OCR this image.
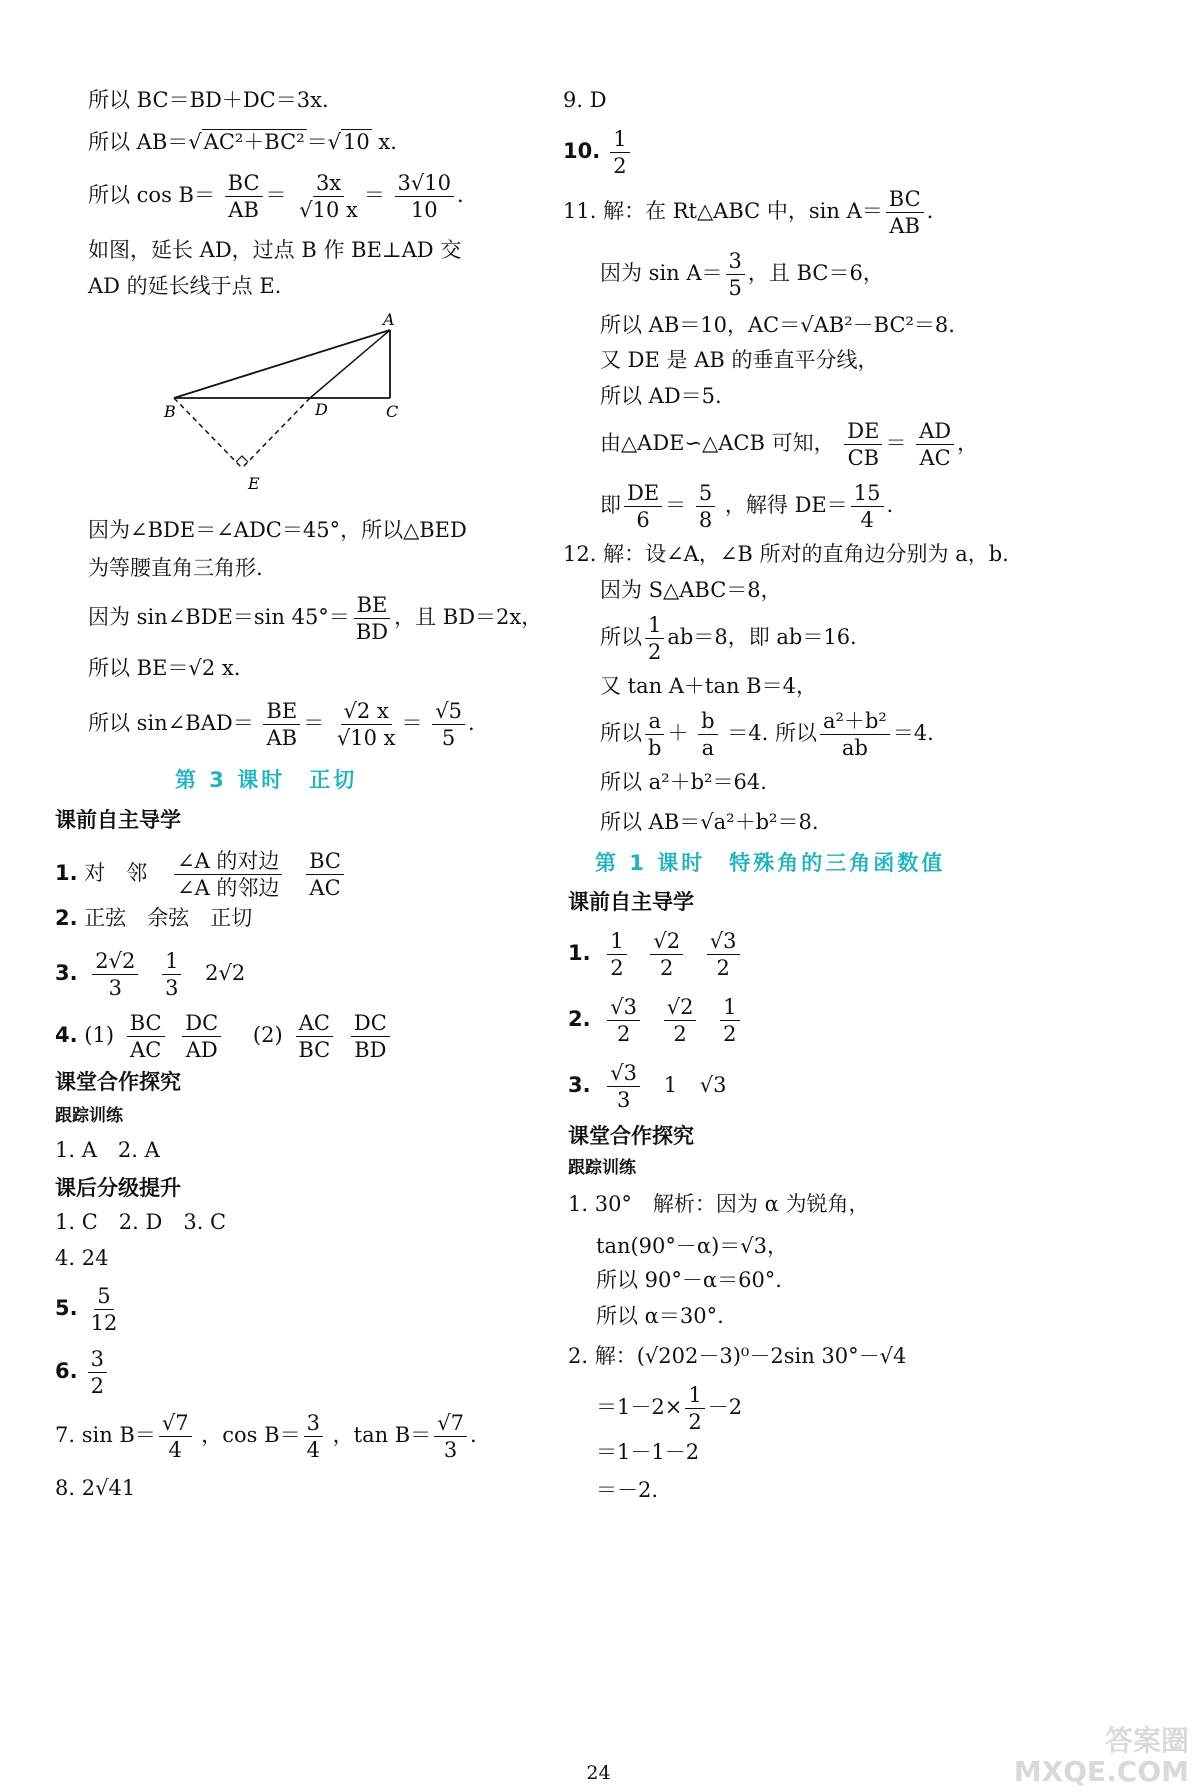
所以 BC＝BD＋DC＝3x.
所以 AB＝√AC²＋BC²＝√10 x.
所以 $\cos B= \frac{BC}{AB} = \frac{3x}{√10 x} = \frac{3√10}{10}$ .
如图，延长 AD，过点 B 作 BE⊥AD 交
AD 的延长线于点 E.
A
B	C
D
E
因为∠BDE＝∠ADC＝45°，所以△BED
为等腰直角三角形.
因为 sin∠BDE＝sin $45^\circ= \frac{BE}{BD}$ ，且 BD＝2x，
所以 BE＝√2 x.
所以 sin∠BAD＝ $\frac{BE}{AB} = \frac{√2 x}{√10 x} = \frac{√5}{5}$ .
第 3 课时　正切
课前自主导学
1. 对　邻 $\frac{\text{∠A 的对边}}{\text{∠A 的邻边}}$
$\frac{BC}{AC}$
2. 正弦　余弦　正切
3. $\frac{2√2}{3}$
$\frac{1}{3} 2√2$
4. $(1) \frac{BC}{AC}$
$\frac{DC}{AD} (2) \frac{AC}{BC}$
$\frac{DC}{BD}$
课堂合作探究
跟踪训练
1. A　2. A
课后分级提升
1. C　2. D　3. C
4. 24
5. $\frac{5}{12}$
6. $\frac{3}{2}$
7. $\sin B= \frac{√7}{4}$ ，$\cos B= \frac{3}{4}$ ，$\tan B= \frac{√7}{3}$ .
8. 2√41
9. D
10. $\frac{1}{2}$
11. 解：在 Rt△ABC 中，$\sin A= \frac{BC}{AB}$ .
因为 $\sin A= \frac{3}{5}$ ，且 BC＝6，
所以 AB＝10，AC＝√AB²－BC²＝8.
又 DE 是 AB 的垂直平分线，
所以 AD＝5.
由△ADE∽△ACB 可知， $\frac{DE}{CB} = \frac{AD}{AC}$ ，
即 $\frac{DE}{6} = \frac{5}{8}$ ，解得 $DE= \frac{15}{4}$ .
12. 解：设∠A，∠B 所对的直角边分别为 a，b.
因为 S△ABC＝8，
所以 $\frac{1}{2} ab=8$，即 ab＝16.
又 tan A＋tan B＝4，
所以 $\frac{a}{b} + \frac{b}{a} =4$. 所以 $\frac{\text{a²＋b²}}{ab} =4$.
所以 a²＋b²＝64.
所以 AB＝√a²＋b²＝8.
第 1 课时　特殊角的三角函数值
课前自主导学
1. $\frac{1}{2}$
$\frac{√2}{2}$
$\frac{√3}{2}$
2. $\frac{√3}{2}$
$\frac{√2}{2}$
$\frac{1}{2}$
3. $\frac{√3}{3} 1$ √3
课堂合作探究
跟踪训练
1. 30°　解析：因为 α 为锐角，
tan(90°－α)＝√3，
所以 90°－α＝60°.
所以 α＝30°.
2. 解：(√202－3)⁰－2sin 30°－√4
$=1-2\times \frac{1}{2} -2$
＝1－1－2
＝－2.
24
答案圈
MXQE.COM
